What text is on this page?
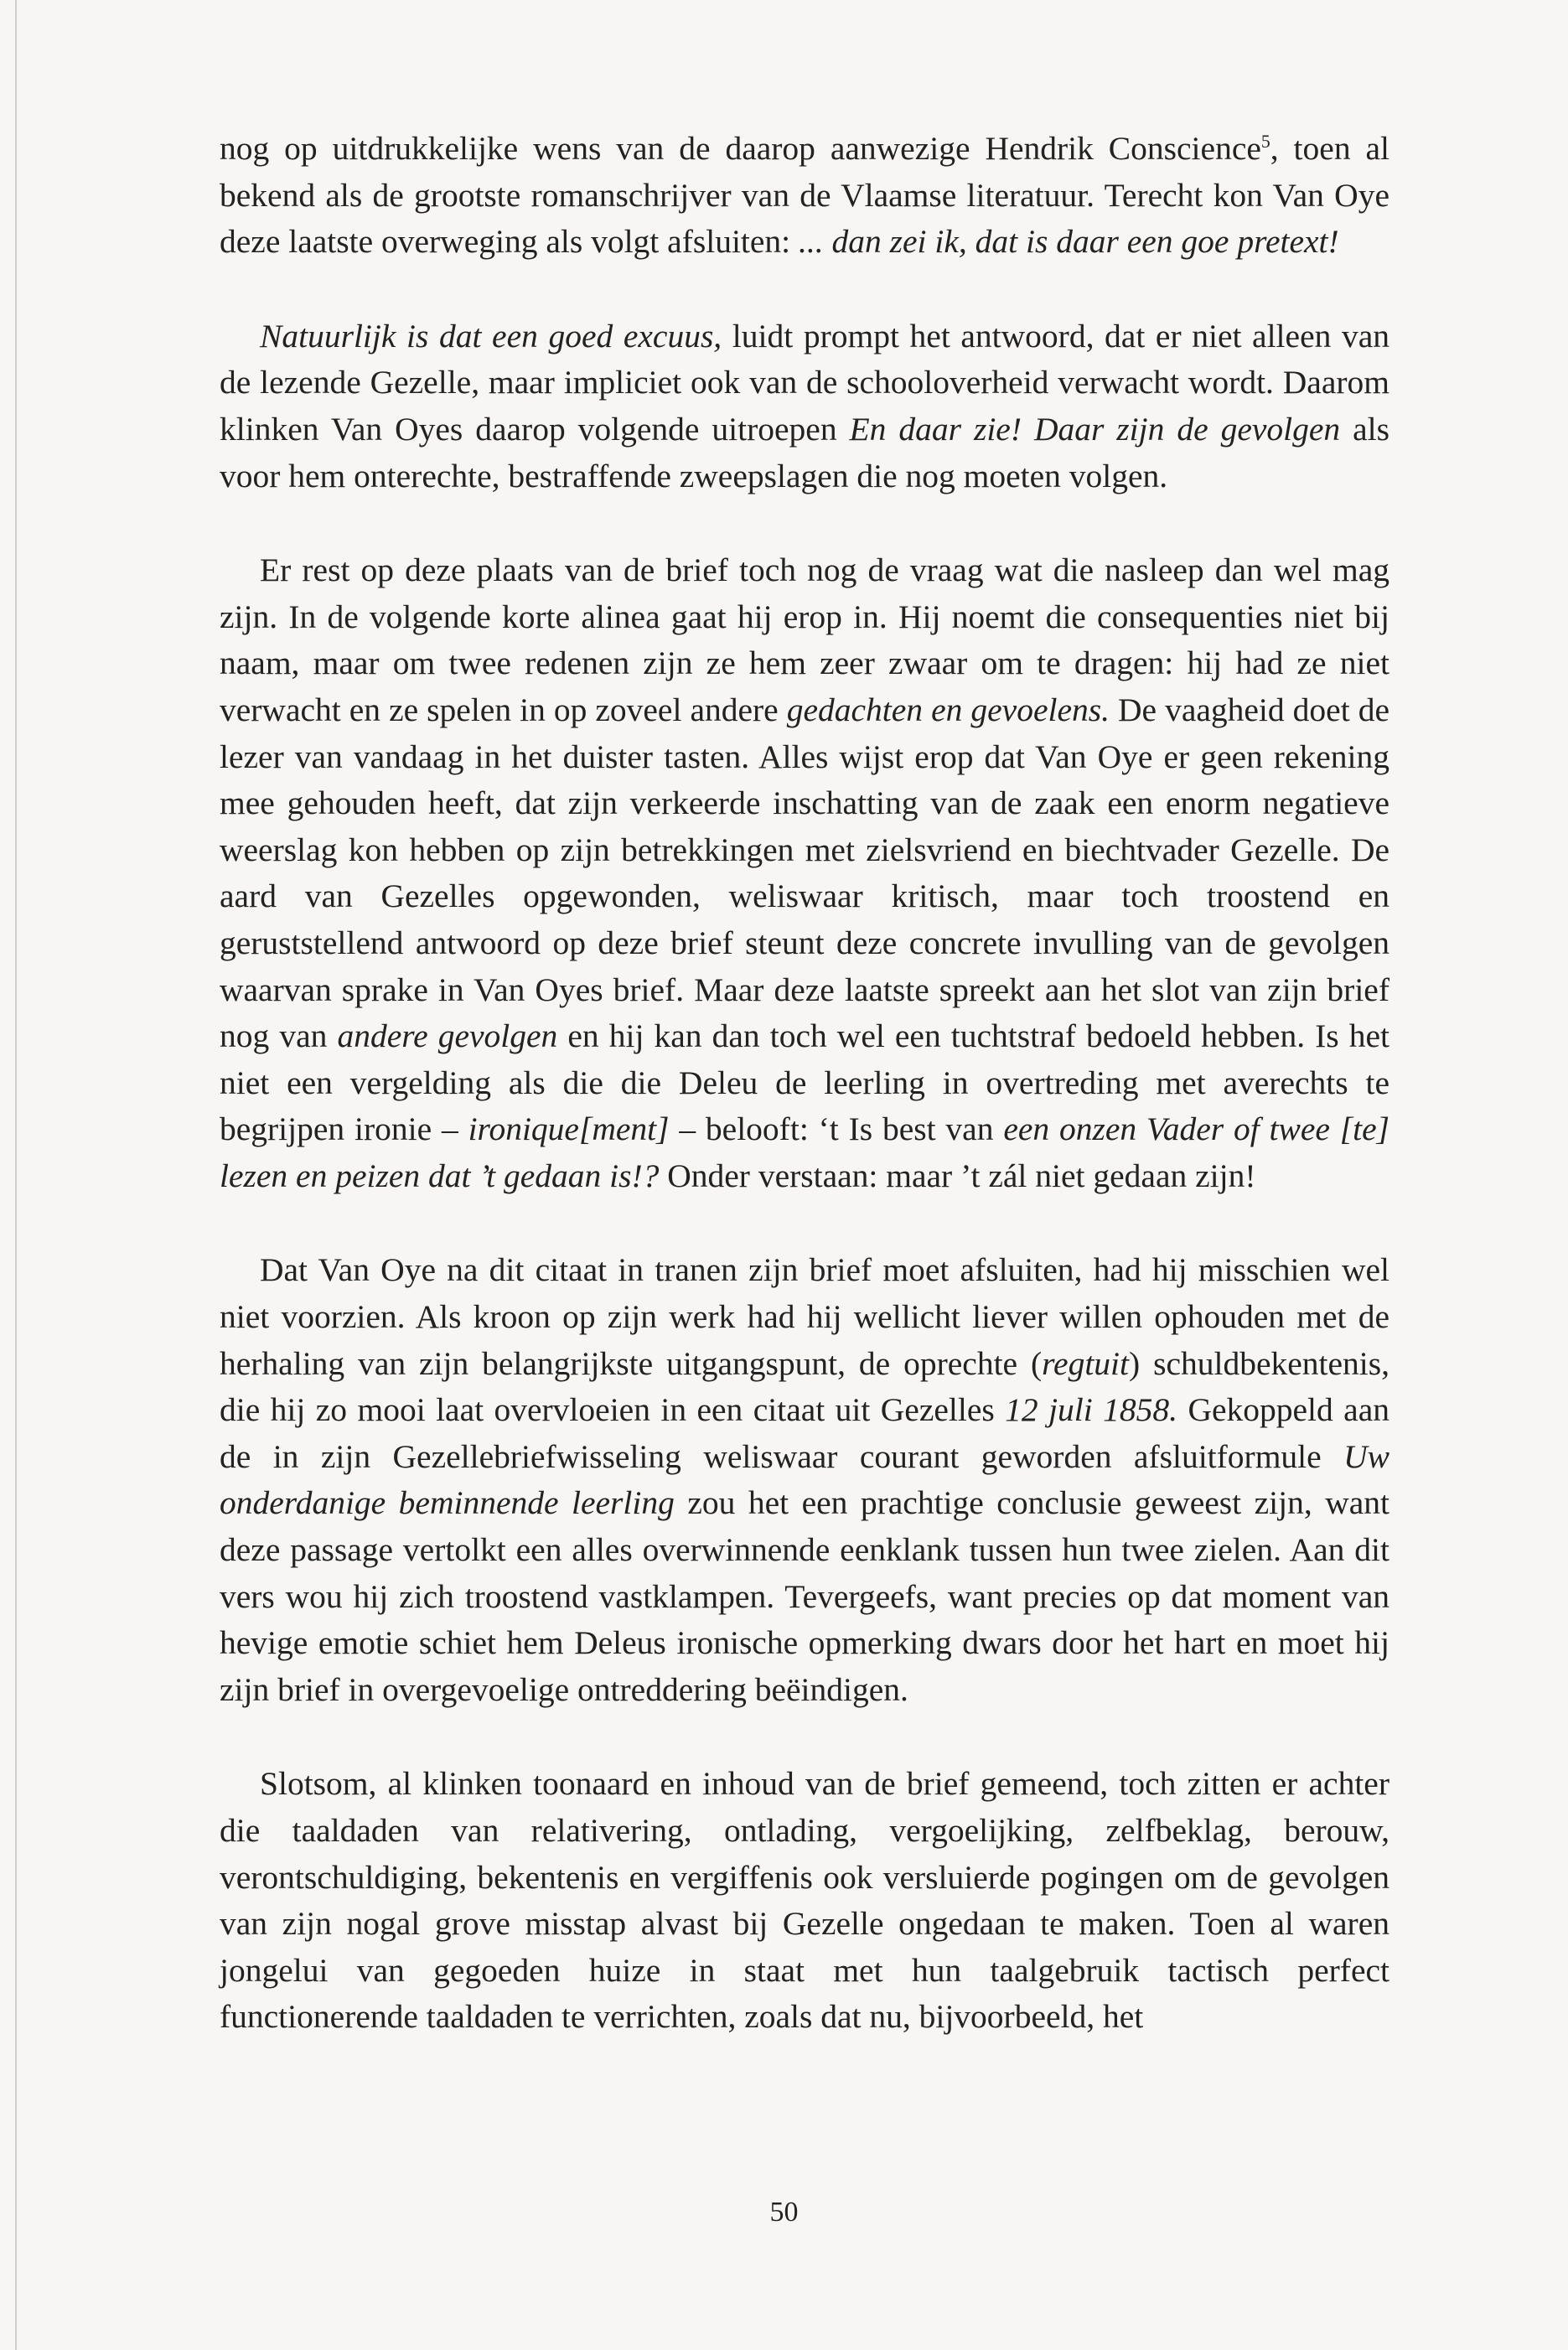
nog op uitdrukkelijke wens van de daarop aanwezige Hendrik Conscience$^5$, toen al bekend als de grootste romanschrijver van de Vlaamse literatuur. Terecht kon Van Oye deze laatste overweging als volgt afsluiten: ... dan zei ik, dat is daar een goe pretext!

Natuurlijk is dat een goed excuus, luidt prompt het antwoord, dat er niet alleen van de lezende Gezelle, maar impliciet ook van de schooloverheid verwacht wordt. Daarom klinken Van Oyes daarop volgende uitroepen En daar zie! Daar zijn de gevolgen als voor hem onterechte, bestraffende zweepslagen die nog moeten volgen.

Er rest op deze plaats van de brief toch nog de vraag wat die nasleep dan wel mag zijn. In de volgende korte alinea gaat hij erop in. Hij noemt die consequenties niet bij naam, maar om twee redenen zijn ze hem zeer zwaar om te dragen: hij had ze niet verwacht en ze spelen in op zoveel andere gedachten en gevoelens. De vaagheid doet de lezer van vandaag in het duister tasten. Alles wijst erop dat Van Oye er geen rekening mee gehouden heeft, dat zijn verkeerde inschatting van de zaak een enorm negatieve weerslag kon hebben op zijn betrekkingen met zielsvriend en biechtvader Gezelle. De aard van Gezelles opgewonden, weliswaar kritisch, maar toch troostend en geruststellend antwoord op deze brief steunt deze concrete invulling van de gevolgen waarvan sprake in Van Oyes brief. Maar deze laatste spreekt aan het slot van zijn brief nog van andere gevolgen en hij kan dan toch wel een tuchtstraf bedoeld hebben. Is het niet een vergelding als die die Deleu de leerling in overtreding met averechts te begrijpen ironie – ironique[ment] – belooft: ‘t Is best van een onzen Vader of twee [te] lezen en peizen dat ’t gedaan is!? Onder verstaan: maar ’t zál niet gedaan zijn!

Dat Van Oye na dit citaat in tranen zijn brief moet afsluiten, had hij misschien wel niet voorzien. Als kroon op zijn werk had hij wellicht liever willen ophouden met de herhaling van zijn belangrijkste uitgangspunt, de oprechte (regtuit) schuldbekentenis, die hij zo mooi laat overvloeien in een citaat uit Gezelles 12 juli 1858. Gekoppeld aan de in zijn Gezellebriefwisseling weliswaar courant geworden afsluitformule Uw onderdanige beminnende leerling zou het een prachtige conclusie geweest zijn, want deze passage vertolkt een alles overwinnende eenklank tussen hun twee zielen. Aan dit vers wou hij zich troostend vastklampen. Tevergeefs, want precies op dat moment van hevige emotie schiet hem Deleus ironische opmerking dwars door het hart en moet hij zijn brief in overgevoelige ontreddering beëindigen.

Slotsom, al klinken toonaard en inhoud van de brief gemeend, toch zitten er achter die taaldaden van relativering, ontlading, vergoelijking, zelfbeklag, berouw, verontschuldiging, bekentenis en vergiffenis ook versluierde pogingen om de gevolgen van zijn nogal grove misstap alvast bij Gezelle ongedaan te maken. Toen al waren jongelui van gegoeden huize in staat met hun taalgebruik tactisch perfect functionerende taaldaden te verrichten, zoals dat nu, bijvoorbeeld, het

50
